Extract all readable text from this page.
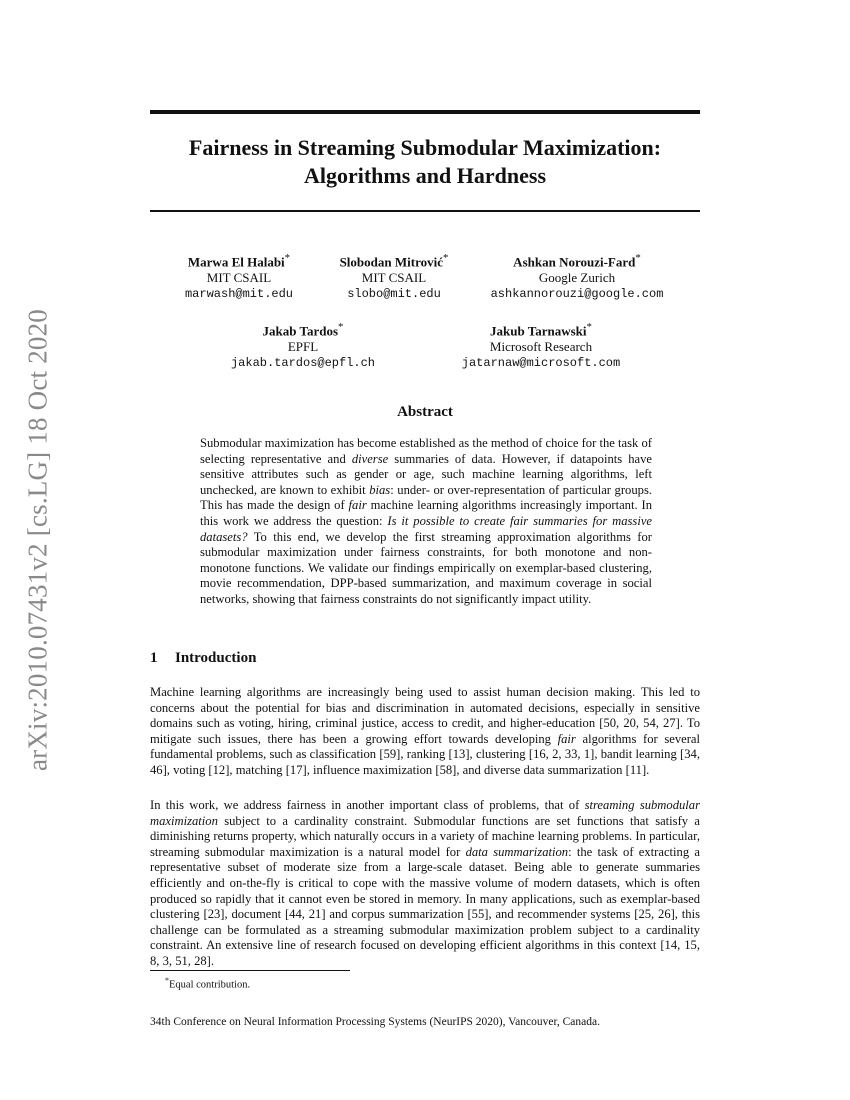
arXiv:2010.07431v2 [cs.LG] 18 Oct 2020
Fairness in Streaming Submodular Maximization:
Algorithms and Hardness
Marwa El Halabi*
MIT CSAIL
marwash@mit.edu
Slobodan Mitrović*
MIT CSAIL
slobo@mit.edu
Ashkan Norouzi-Fard*
Google Zurich
ashkannorouzi@google.com
Jakab Tardos*
EPFL
jakab.tardos@epfl.ch
Jakub Tarnawski*
Microsoft Research
jatarnaw@microsoft.com
Abstract

Submodular maximization has become established as the method of choice for the task of selecting representative and diverse summaries of data. However, if datapoints have sensitive attributes such as gender or age, such machine learning algorithms, left unchecked, are known to exhibit bias: under- or over-representation of particular groups. This has made the design of fair machine learning algorithms increasingly important. In this work we address the question: Is it possible to create fair summaries for massive datasets? To this end, we develop the first streaming approximation algorithms for submodular maximization under fairness constraints, for both monotone and non-monotone functions. We validate our findings empirically on exemplar-based clustering, movie recommendation, DPP-based summarization, and maximum coverage in social networks, showing that fairness constraints do not significantly impact utility.

1 Introduction

Machine learning algorithms are increasingly being used to assist human decision making. This led to concerns about the potential for bias and discrimination in automated decisions, especially in sensitive domains such as voting, hiring, criminal justice, access to credit, and higher-education [50, 20, 54, 27]. To mitigate such issues, there has been a growing effort towards developing fair algorithms for several fundamental problems, such as classification [59], ranking [13], clustering [16, 2, 33, 1], bandit learning [34, 46], voting [12], matching [17], influence maximization [58], and diverse data summarization [11].

In this work, we address fairness in another important class of problems, that of streaming submodular maximization subject to a cardinality constraint. Submodular functions are set functions that satisfy a diminishing returns property, which naturally occurs in a variety of machine learning problems. In particular, streaming submodular maximization is a natural model for data summarization: the task of extracting a representative subset of moderate size from a large-scale dataset. Being able to generate summaries efficiently and on-the-fly is critical to cope with the massive volume of modern datasets, which is often produced so rapidly that it cannot even be stored in memory. In many applications, such as exemplar-based clustering [23], document [44, 21] and corpus summarization [55], and recommender systems [25, 26], this challenge can be formulated as a streaming submodular maximization problem subject to a cardinality constraint. An extensive line of research focused on developing efficient algorithms in this context [14, 15, 8, 3, 51, 28].

*Equal contribution.
34th Conference on Neural Information Processing Systems (NeurIPS 2020), Vancouver, Canada.
